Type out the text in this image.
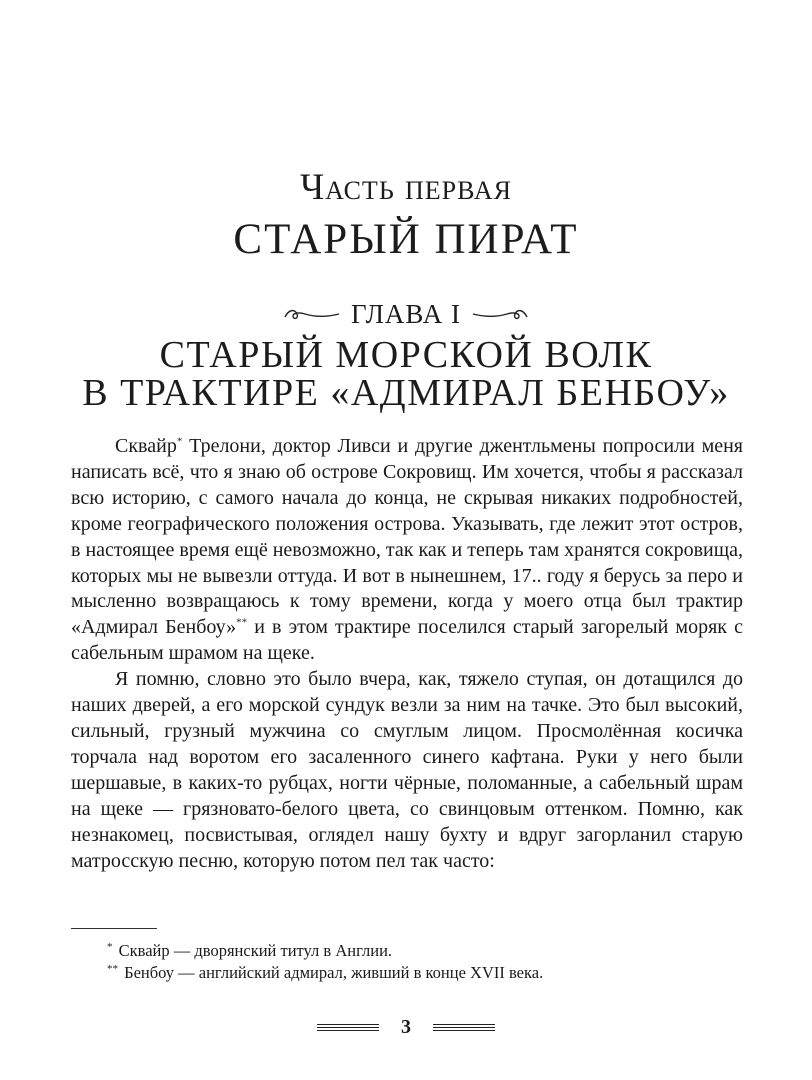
Часть первая
СТАРЫЙ ПИРАТ
ГЛАВА I
СТАРЫЙ МОРСКОЙ ВОЛК
В ТРАКТИРЕ «АДМИРАЛ БЕНБОУ»

Сквайр* Трелони, доктор Ливси и другие джентльмены попросили меня написать всё, что я знаю об острове Сокровищ. Им хочется, чтобы я рассказал всю историю, с самого начала до конца, не скрывая никаких подробностей, кроме географического положения острова. Указывать, где лежит этот остров, в настоящее время ещё невозможно, так как и теперь там хранятся сокровища, которых мы не вывезли оттуда. И вот в нынешнем, 17.. году я берусь за перо и мысленно возвращаюсь к тому времени, когда у моего отца был трактир «Адмирал Бенбоу»** и в этом трактире поселился старый загорелый моряк с сабельным шрамом на щеке.

Я помню, словно это было вчера, как, тяжело ступая, он дотащился до наших дверей, а его морской сундук везли за ним на тачке. Это был высокий, сильный, грузный мужчина со смуглым лицом. Просмолённая косичка торчала над воротом его засаленного синего кафтана. Руки у него были шершавые, в каких-то рубцах, ногти чёрные, поломанные, а сабельный шрам на щеке — грязновато-белого цвета, со свинцовым оттенком. Помню, как незнакомец, посвистывая, оглядел нашу бухту и вдруг загорланил старую матросскую песню, которую потом пел так часто:

* Сквайр — дворянский титул в Англии.
** Бенбоу — английский адмирал, живший в конце XVII века.
3
